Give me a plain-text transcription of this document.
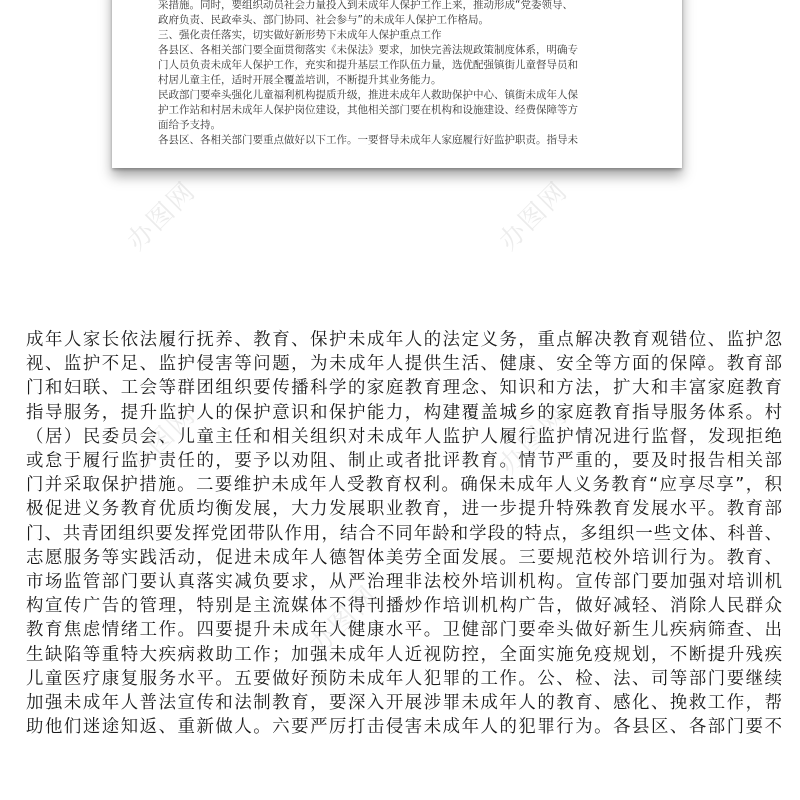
采措施。同时，要组织动员社会力量投入到未成年人保护工作上来，推动形成“党委领导、

政府负责、民政牵头、部门协同、社会参与”的未成年人保护工作格局。

三、强化责任落实，切实做好新形势下未成年人保护重点工作

各县区、各相关部门要全面贯彻落实《未保法》要求，加快完善法规政策制度体系，明确专

门人员负责未成年人保护工作，充实和提升基层工作队伍力量，选优配强镇街儿童督导员和

村居儿童主任，适时开展全覆盖培训，不断提升其业务能力。

民政部门要牵头强化儿童福利机构提质升级，推进未成年人救助保护中心、镇街未成年人保

护工作站和村居未成年人保护岗位建设，其他相关部门要在机构和设施建设、经费保障等方

面给予支持。

各县区、各相关部门要重点做好以下工作。一要督导未成年人家庭履行好监护职责。指导未

办图网	办图网
办图网	办图网
办图网
成年人家长依法履行抚养、教育、保护未成年人的法定义务，重点解决教育观错位、监护忽
视、监护不足、监护侵害等问题，为未成年人提供生活、健康、安全等方面的保障。教育部
门和妇联、工会等群团组织要传播科学的家庭教育理念、知识和方法，扩大和丰富家庭教育
指导服务，提升监护人的保护意识和保护能力，构建覆盖城乡的家庭教育指导服务体系。村
（居）民委员会、儿童主任和相关组织对未成年人监护人履行监护情况进行监督，发现拒绝
或怠于履行监护责任的，要予以劝阻、制止或者批评教育。情节严重的，要及时报告相关部
门并采取保护措施。二要维护未成年人受教育权利。确保未成年人义务教育“应享尽享”，积
极促进义务教育优质均衡发展，大力发展职业教育，进一步提升特殊教育发展水平。教育部
门、共青团组织要发挥党团带队作用，结合不同年龄和学段的特点，多组织一些文体、科普、
志愿服务等实践活动，促进未成年人德智体美劳全面发展。三要规范校外培训行为。教育、
市场监管部门要认真落实减负要求，从严治理非法校外培训机构。宣传部门要加强对培训机
构宣传广告的管理，特别是主流媒体不得刊播炒作培训机构广告，做好减轻、消除人民群众
教育焦虑情绪工作。四要提升未成年人健康水平。卫健部门要牵头做好新生儿疾病筛查、出
生缺陷等重特大疾病救助工作；加强未成年人近视防控，全面实施免疫规划，不断提升残疾
儿童医疗康复服务水平。五要做好预防未成年人犯罪的工作。公、检、法、司等部门要继续
加强未成年人普法宣传和法制教育，要深入开展涉罪未成年人的教育、感化、挽救工作，帮
助他们迷途知返、重新做人。六要严厉打击侵害未成年人的犯罪行为。各县区、各部门要不
